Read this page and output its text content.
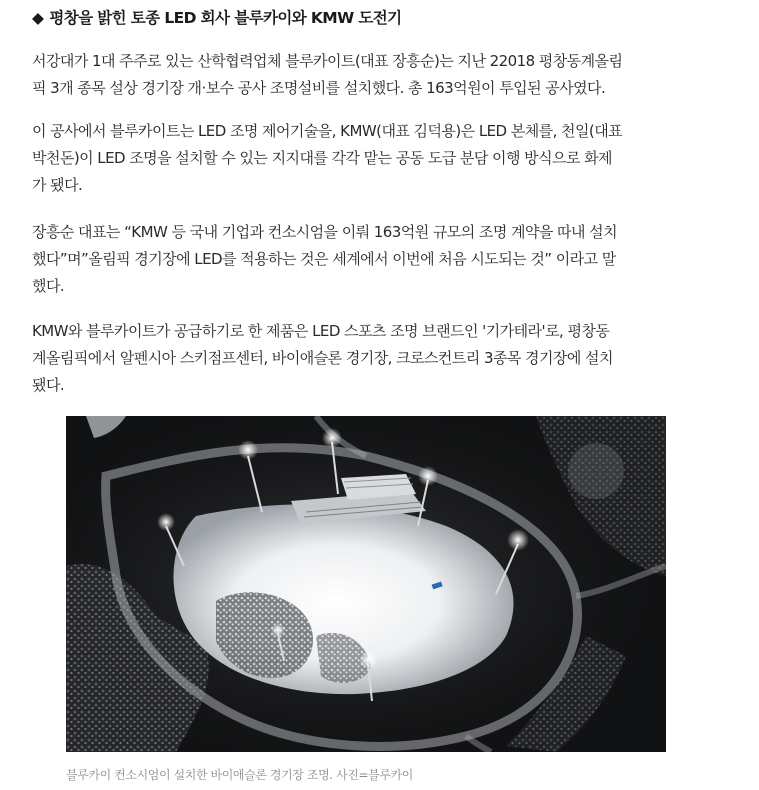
◆ 평창을 밝힌 토종 LED 회사 블루카이와 KMW 도전기

서강대가 1대 주주로 있는 산학협력업체 블루카이트(대표 장흥순)는 지난 22018 평창동계올림
픽 3개 종목 설상 경기장 개·보수 공사 조명설비를 설치했다. 총 163억원이 투입된 공사였다.

이 공사에서 블루카이트는 LED 조명 제어기술을, KMW(대표 김덕용)은 LED 본체를, 천일(대표
박천돈)이 LED 조명을 설치할 수 있는 지지대를 각각 맡는 공동 도급 분담 이행 방식으로 화제
가 됐다.

장흥순 대표는 “KMW 등 국내 기업과 컨소시엄을 이뤄 163억원 규모의 조명 계약을 따내 설치
했다”며”올림픽 경기장에 LED를 적용하는 것은 세계에서 이번에 처음 시도되는 것” 이라고 말
했다.

KMW와 블루카이트가 공급하기로 한 제품은 LED 스포츠 조명 브랜드인 '기가테라'로, 평창동
계올림픽에서 알펜시아 스키점프센터, 바이애슬론 경기장, 크로스컨트리 3종목 경기장에 설치
됐다.

블루카이 컨소시엄이 설치한 바이애슬론 경기장 조명. 사진=블루카이
